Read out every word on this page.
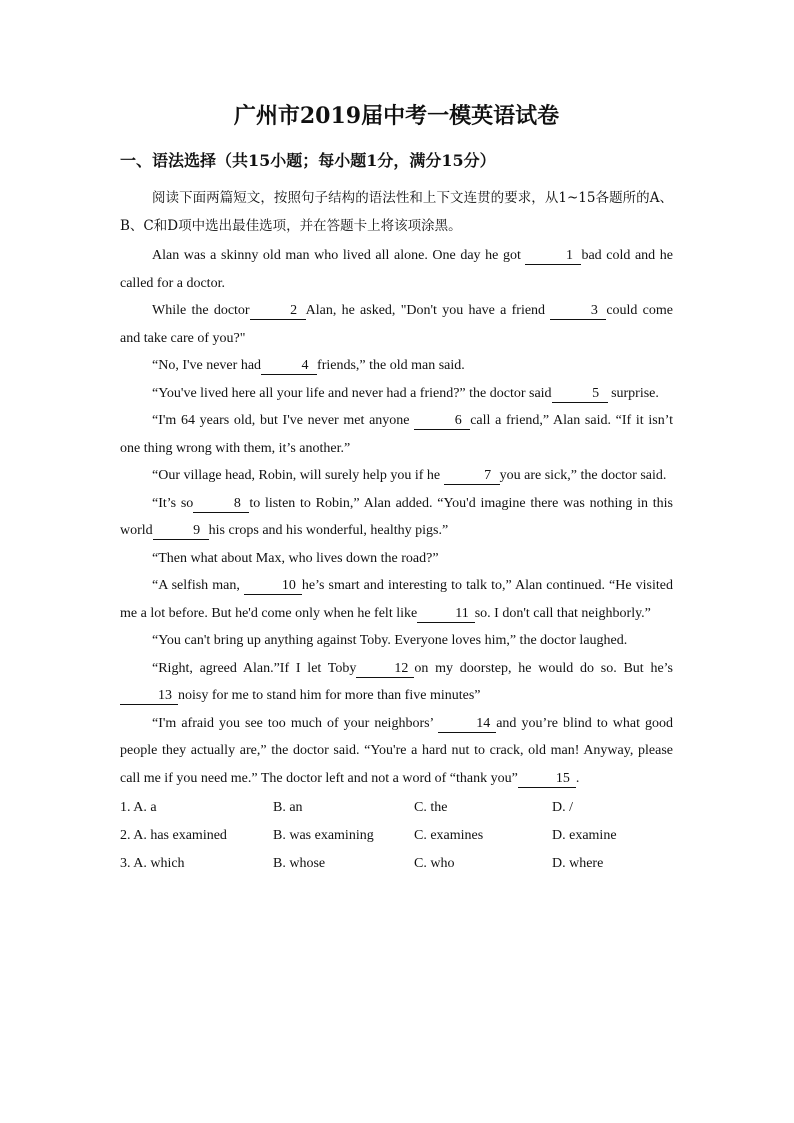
广州市2019届中考一模英语试卷
一、语法选择（共15小题；每小题1分，满分15分）

阅读下面两篇短文，按照句子结构的语法性和上下文连贯的要求，从1~15各题所的A、B、C和D项中选出最佳选项，并在答题卡上将该项涂黑。

Alan was a skinny old man who lived all alone. One day he got	1 bad cold and he called for a doctor.

While the doctor	2 Alan, he asked, "Don't you have a friend	3 could come and take care of you?"

“No, I've never had	4 friends,” the old man said.

“You've lived here all your life and never had a friend?” the doctor said	5 surprise.

“I'm 64 years old, but I've never met anyone	6 call a friend,” Alan said. “If it isn’t one thing wrong with them, it’s another.”

“Our village head, Robin, will surely help you if he	7 you are sick,” the doctor said.

“It’s so	8 to listen to Robin,” Alan added. “You'd imagine there was nothing in this world	9 his crops and his wonderful, healthy pigs.”

“Then what about Max, who lives down the road?”

“A selfish man,	10 he’s smart and interesting to talk to,” Alan continued. “He visited me a lot before. But he'd come only when he felt like	11 so. I don't call that neighborly.”

“You can't bring up anything against Toby. Everyone loves him,” the doctor laughed.

“Right, agreed Alan.”If I let Toby	12 on my doorstep, he would do so. But he’s13 noisy for me to stand him for more than five minutes”

“I'm afraid you see too much of your neighbors’	14 and you’re blind to what good people they actually are,” the doctor said. “You're a hard nut to crack, old man! Anyway, please call me if you need me.” The doctor left and not a word of “thank you”	15 .

1. A. a	B. an	C. the	D. /
2. A. has examined	B. was examining	C. examines	D. examine
3. A. which	B. whose	C. who	D. where
